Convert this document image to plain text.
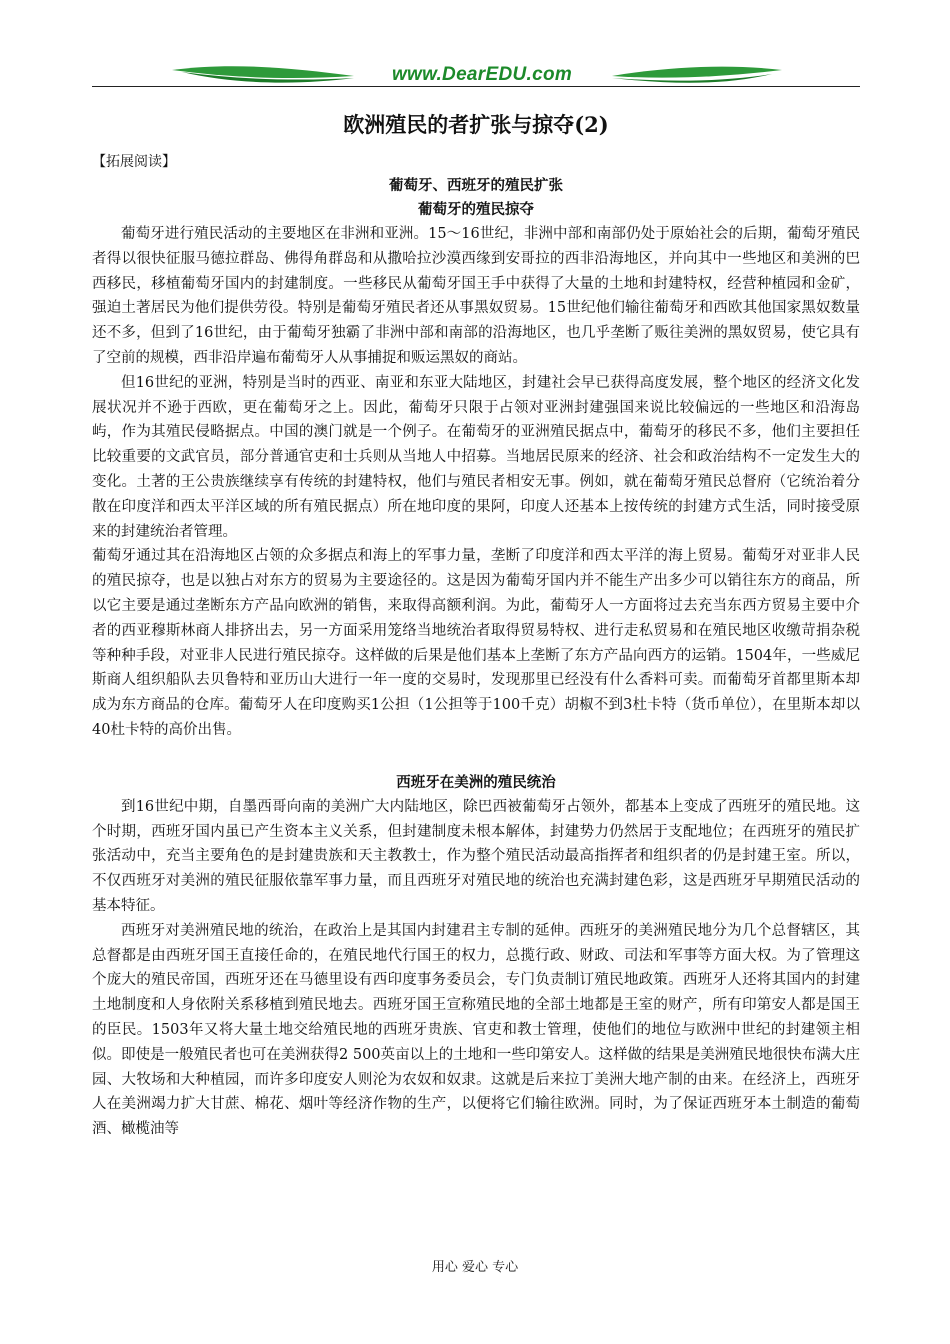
www.DearEDU.com
欧洲殖民的者扩张与掠夺(2)
【拓展阅读】
葡萄牙、西班牙的殖民扩张
葡萄牙的殖民掠夺

葡萄牙进行殖民活动的主要地区在非洲和亚洲。15～16世纪，非洲中部和南部仍处于原始社会的后期，葡萄牙殖民者得以很快征服马德拉群岛、佛得角群岛和从撒哈拉沙漠西缘到安哥拉的西非沿海地区，并向其中一些地区和美洲的巴西移民，移植葡萄牙国内的封建制度。一些移民从葡萄牙国王手中获得了大量的土地和封建特权，经营种植园和金矿，强迫土著居民为他们提供劳役。特别是葡萄牙殖民者还从事黑奴贸易。15世纪他们输往葡萄牙和西欧其他国家黑奴数量还不多，但到了16世纪，由于葡萄牙独霸了非洲中部和南部的沿海地区，也几乎垄断了贩往美洲的黑奴贸易，使它具有了空前的规模，西非沿岸遍布葡萄牙人从事捕捉和贩运黑奴的商站。

但16世纪的亚洲，特别是当时的西亚、南亚和东亚大陆地区，封建社会早已获得高度发展，整个地区的经济文化发展状况并不逊于西欧，更在葡萄牙之上。因此，葡萄牙只限于占领对亚洲封建强国来说比较偏远的一些地区和沿海岛屿，作为其殖民侵略据点。中国的澳门就是一个例子。在葡萄牙的亚洲殖民据点中，葡萄牙的移民不多，他们主要担任比较重要的文武官员，部分普通官吏和士兵则从当地人中招募。当地居民原来的经济、社会和政治结构不一定发生大的变化。土著的王公贵族继续享有传统的封建特权，他们与殖民者相安无事。例如，就在葡萄牙殖民总督府（它统治着分散在印度洋和西太平洋区域的所有殖民据点）所在地印度的果阿，印度人还基本上按传统的封建方式生活，同时接受原来的封建统治者管理。

葡萄牙通过其在沿海地区占领的众多据点和海上的军事力量，垄断了印度洋和西太平洋的海上贸易。葡萄牙对亚非人民的殖民掠夺，也是以独占对东方的贸易为主要途径的。这是因为葡萄牙国内并不能生产出多少可以销往东方的商品，所以它主要是通过垄断东方产品向欧洲的销售，来取得高额利润。为此，葡萄牙人一方面将过去充当东西方贸易主要中介者的西亚穆斯林商人排挤出去，另一方面采用笼络当地统治者取得贸易特权、进行走私贸易和在殖民地区收缴苛捐杂税等种种手段，对亚非人民进行殖民掠夺。这样做的后果是他们基本上垄断了东方产品向西方的运销。1504年，一些威尼斯商人组织船队去贝鲁特和亚历山大进行一年一度的交易时，发现那里已经没有什么香料可卖。而葡萄牙首都里斯本却成为东方商品的仓库。葡萄牙人在印度购买1公担（1公担等于100千克）胡椒不到3杜卡特（货币单位），在里斯本却以40杜卡特的高价出售。

西班牙在美洲的殖民统治

到16世纪中期，自墨西哥向南的美洲广大内陆地区，除巴西被葡萄牙占领外，都基本上变成了西班牙的殖民地。这个时期，西班牙国内虽已产生资本主义关系，但封建制度未根本解体，封建势力仍然居于支配地位；在西班牙的殖民扩张活动中，充当主要角色的是封建贵族和天主教教士，作为整个殖民活动最高指挥者和组织者的仍是封建王室。所以，不仅西班牙对美洲的殖民征服依靠军事力量，而且西班牙对殖民地的统治也充满封建色彩，这是西班牙早期殖民活动的基本特征。

西班牙对美洲殖民地的统治，在政治上是其国内封建君主专制的延伸。西班牙的美洲殖民地分为几个总督辖区，其总督都是由西班牙国王直接任命的，在殖民地代行国王的权力，总揽行政、财政、司法和军事等方面大权。为了管理这个庞大的殖民帝国，西班牙还在马德里设有西印度事务委员会，专门负责制订殖民地政策。西班牙人还将其国内的封建土地制度和人身依附关系移植到殖民地去。西班牙国王宣称殖民地的全部土地都是王室的财产，所有印第安人都是国王的臣民。1503年又将大量土地交给殖民地的西班牙贵族、官吏和教士管理，使他们的地位与欧洲中世纪的封建领主相似。即使是一般殖民者也可在美洲获得2 500英亩以上的土地和一些印第安人。这样做的结果是美洲殖民地很快布满大庄园、大牧场和大种植园，而许多印度安人则沦为农奴和奴隶。这就是后来拉丁美洲大地产制的由来。在经济上，西班牙人在美洲竭力扩大甘蔗、棉花、烟叶等经济作物的生产，以便将它们输往欧洲。同时，为了保证西班牙本土制造的葡萄酒、橄榄油等

用心 爱心 专心
